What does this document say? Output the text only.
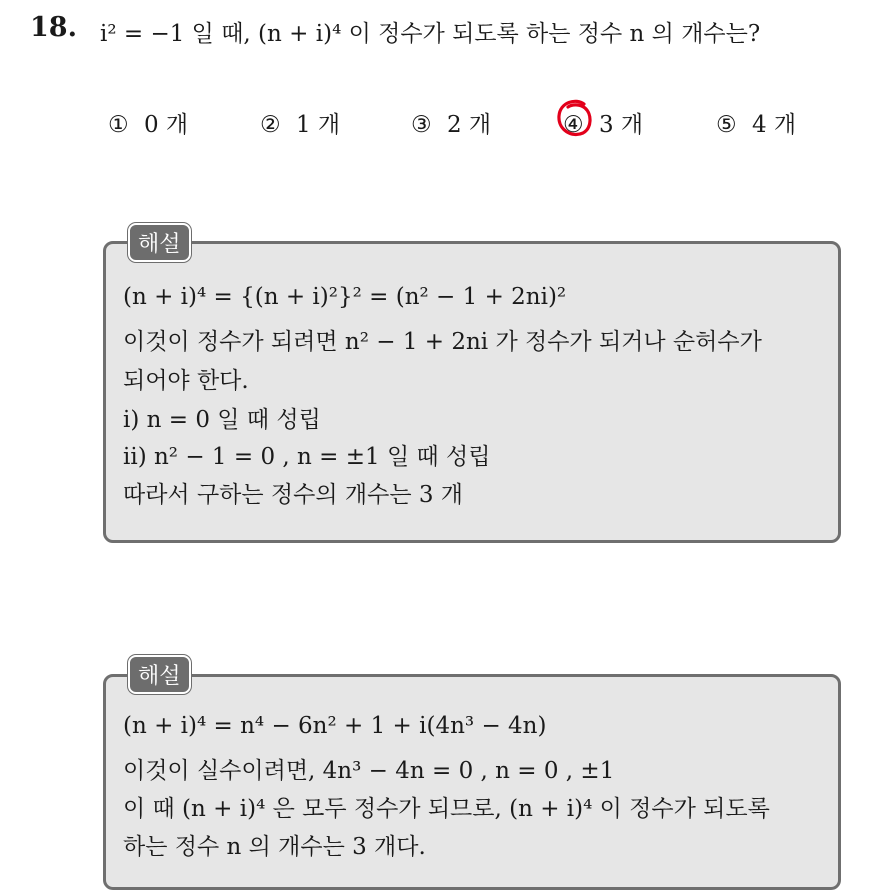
18. i² = −1 일 때, (n + i)⁴ 이 정수가 되도록 하는 정수 n 의 개수는?
① 0 개	② 1 개	③ 2 개	④ 3 개	⑤ 4 개
해설
(n + i)⁴ = {(n + i)²}² = (n² − 1 + 2ni)²
이것이 정수가 되려면 n² − 1 + 2ni 가 정수가 되거나 순허수가
되어야 한다.
i) n = 0 일 때 성립
ii) n² − 1 = 0 , n = ±1 일 때 성립
따라서 구하는 정수의 개수는 3 개
해설
(n + i)⁴ = n⁴ − 6n² + 1 + i(4n³ − 4n)
이것이 실수이려면, 4n³ − 4n = 0 , n = 0 , ±1
이 때 (n + i)⁴ 은 모두 정수가 되므로, (n + i)⁴ 이 정수가 되도록
하는 정수 n 의 개수는 3 개다.
